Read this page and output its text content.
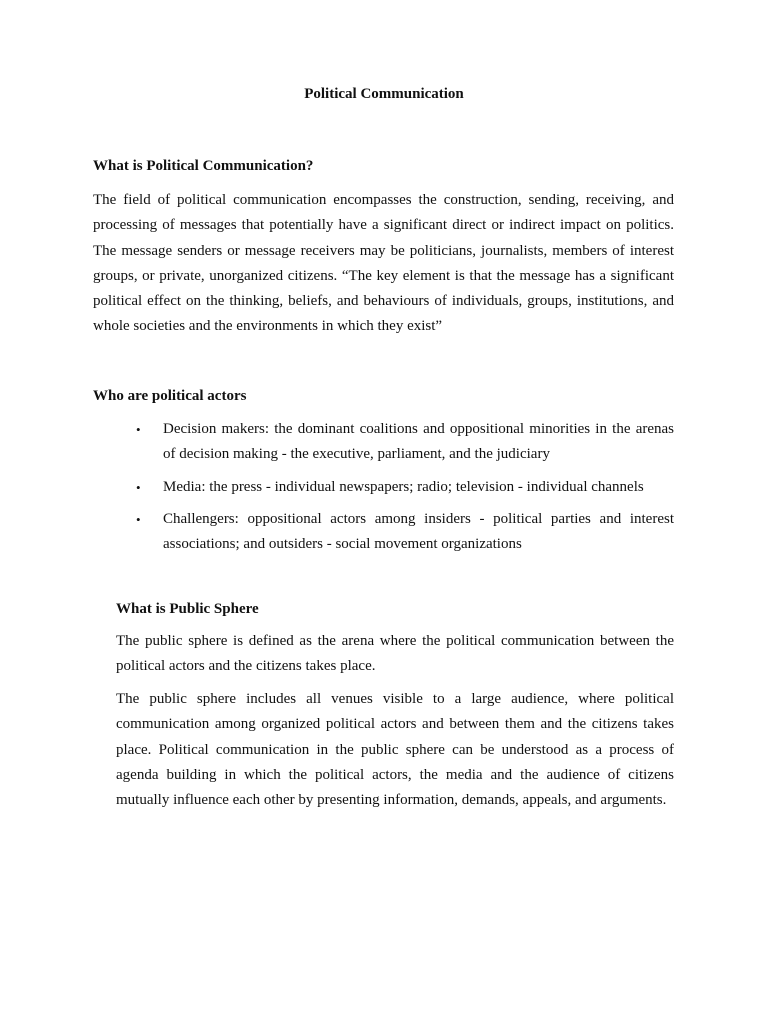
Political Communication
What is Political Communication?

The field of political communication encompasses the construction, sending, receiving, and processing of messages that potentially have a significant direct or indirect impact on politics. The message senders or message receivers may be politicians, journalists, members of interest groups, or private, unorganized citizens. “The key element is that the message has a significant political effect on the thinking, beliefs, and behaviours of individuals, groups, institutions, and whole societies and the environments in which they exist”

Who are political actors
• Decision makers: the dominant coalitions and oppositional minorities in the arenas of decision making - the executive, parliament, and the judiciary
• Media: the press - individual newspapers; radio; television - individual channels
• Challengers: oppositional actors among insiders - political parties and interest associations; and outsiders - social movement organizations
What is Public Sphere

The public sphere is defined as the arena where the political communication between the political actors and the citizens takes place.

The public sphere includes all venues visible to a large audience, where political communication among organized political actors and between them and the citizens takes place. Political communication in the public sphere can be understood as a process of agenda building in which the political actors, the media and the audience of citizens mutually influence each other by presenting information, demands, appeals, and arguments.
